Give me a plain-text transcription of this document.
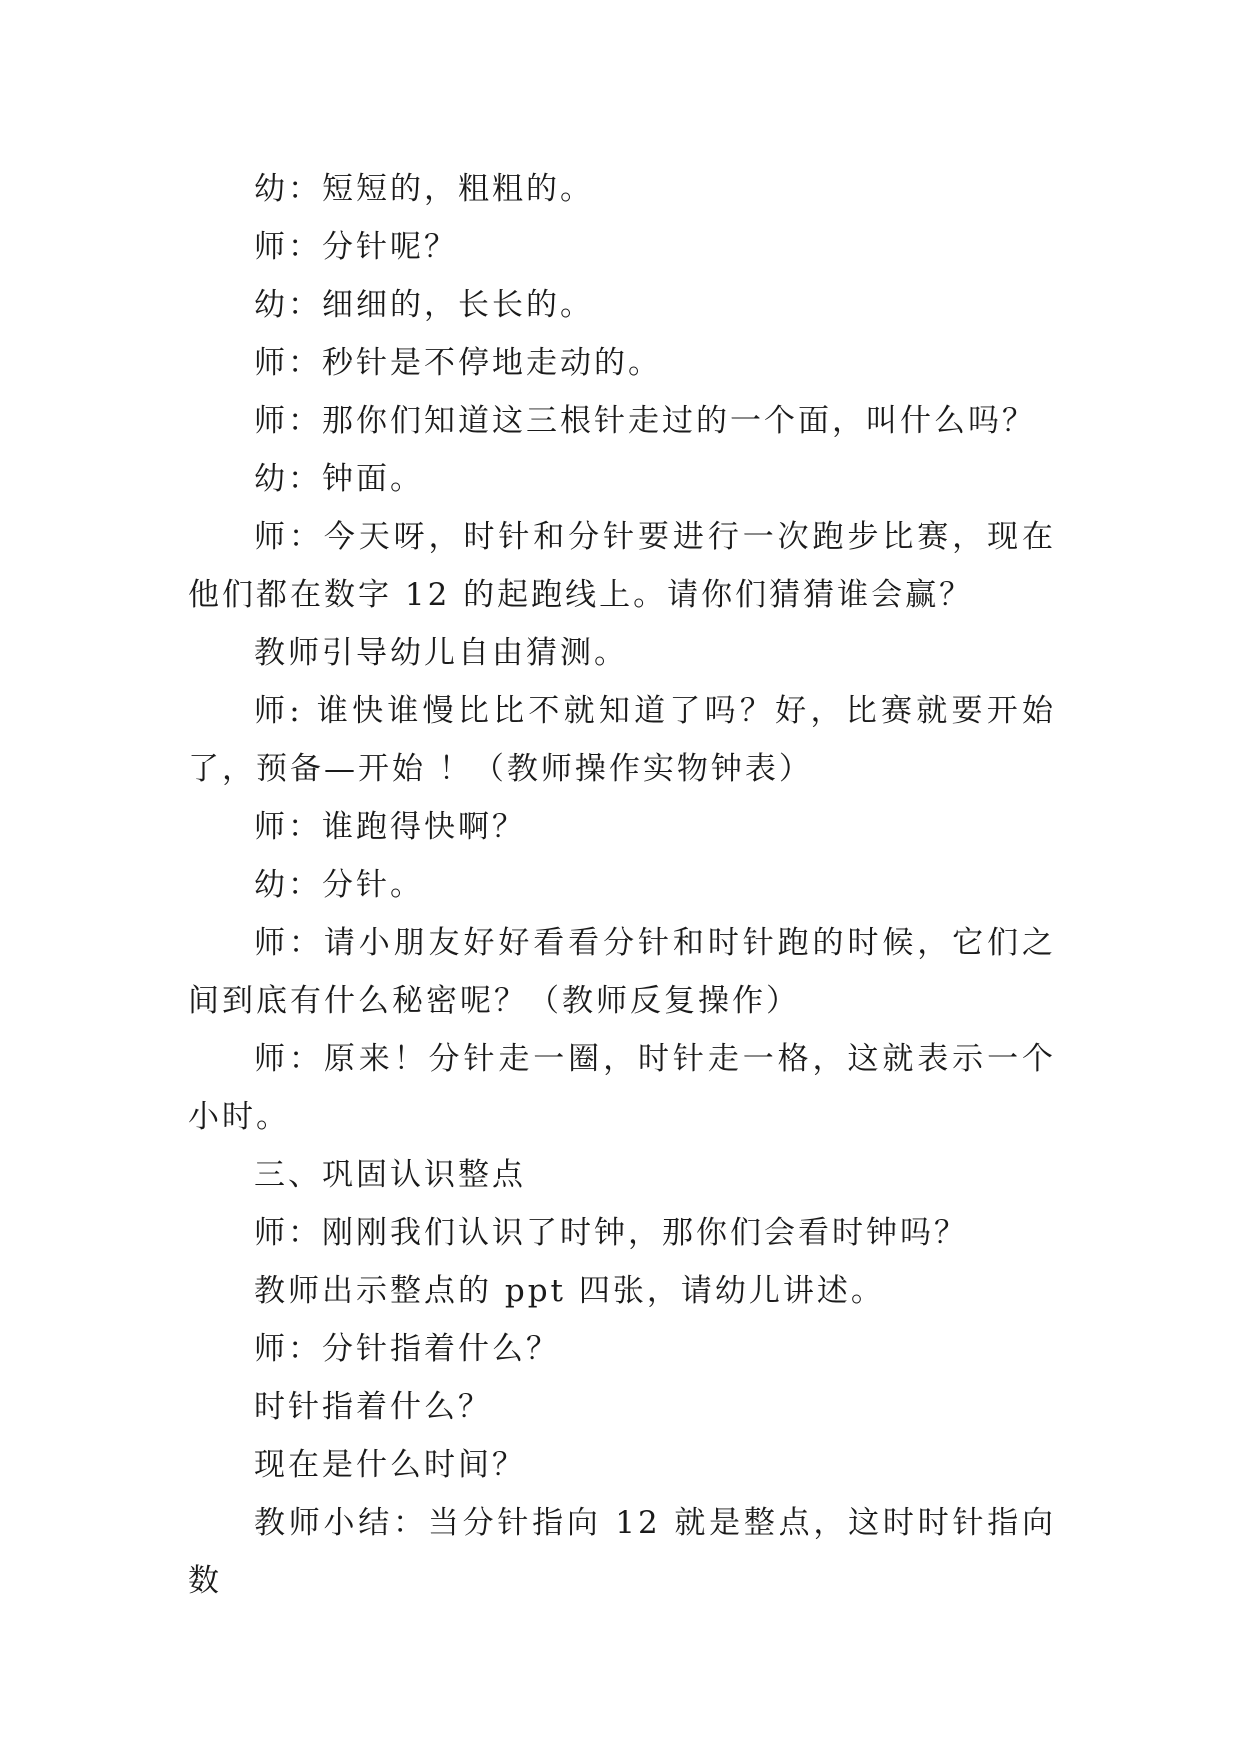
幼：短短的，粗粗的。

师：分针呢？

幼：细细的，长长的。

师：秒针是不停地走动的。

师：那你们知道这三根针走过的一个面，叫什么吗？

幼：钟面。

师：今天呀，时针和分针要进行一次跑步比赛，现在他们都在数字 12 的起跑线上。请你们猜猜谁会赢？

教师引导幼儿自由猜测。

师: 谁快谁慢比比不就知道了吗？好，比赛就要开始了，预备—开始 ！（教师操作实物钟表）

师：谁跑得快啊？

幼：分针。

师：请小朋友好好看看分针和时针跑的时候，它们之间到底有什么秘密呢？（教师反复操作）

师：原来！分针走一圈，时针走一格，这就表示一个小时。

三、巩固认识整点

师：刚刚我们认识了时钟，那你们会看时钟吗？

教师出示整点的 ppt 四张，请幼儿讲述。

师：分针指着什么？

时针指着什么？

现在是什么时间？

教师小结：当分针指向 12 就是整点，这时时针指向数
